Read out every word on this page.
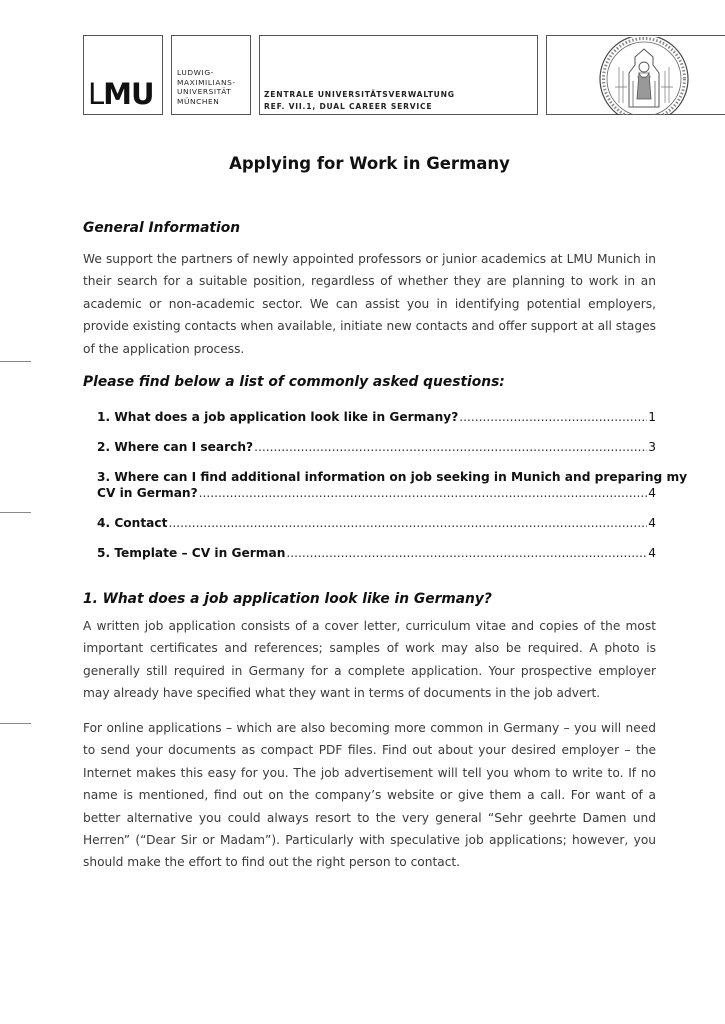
LMU
LUDWIG-
MAXIMILIANS-
UNIVERSITÄT
MÜNCHEN
ZENTRALE UNIVERSITÄTSVERWALTUNG
REF. VII.1, DUAL CAREER SERVICE
Applying for Work in Germany
General Information
We support the partners of newly appointed professors or junior academics at LMU Munich in their search for a suitable position, regardless of whether they are planning to work in an academic or non-academic sector. We can assist you in identifying potential employers, provide existing contacts when available, initiate new contacts and offer support at all stages of the application process.
Please find below a list of commonly asked questions:
1. What does a job application look like in Germany? .....	1
2. Where can I search? .....	3
3. Where can I find additional information on job seeking in Munich and preparing my
CV in German? .....	4
4. Contact .....	4
5. Template – CV in German .....	4
1. What does a job application look like in Germany?
A written job application consists of a cover letter, curriculum vitae and copies of the most important certificates and references; samples of work may also be required. A photo is generally still required in Germany for a complete application. Your prospective employer may already have specified what they want in terms of documents in the job advert.
For online applications – which are also becoming more common in Germany – you will need to send your documents as compact PDF files. Find out about your desired employer – the Internet makes this easy for you. The job advertisement will tell you whom to write to. If no name is mentioned, find out on the company’s website or give them a call. For want of a better alternative you could always resort to the very general “Sehr geehrte Damen und Herren” (“Dear Sir or Madam”). Particularly with speculative job applications; however, you should make the effort to find out the right person to contact.
